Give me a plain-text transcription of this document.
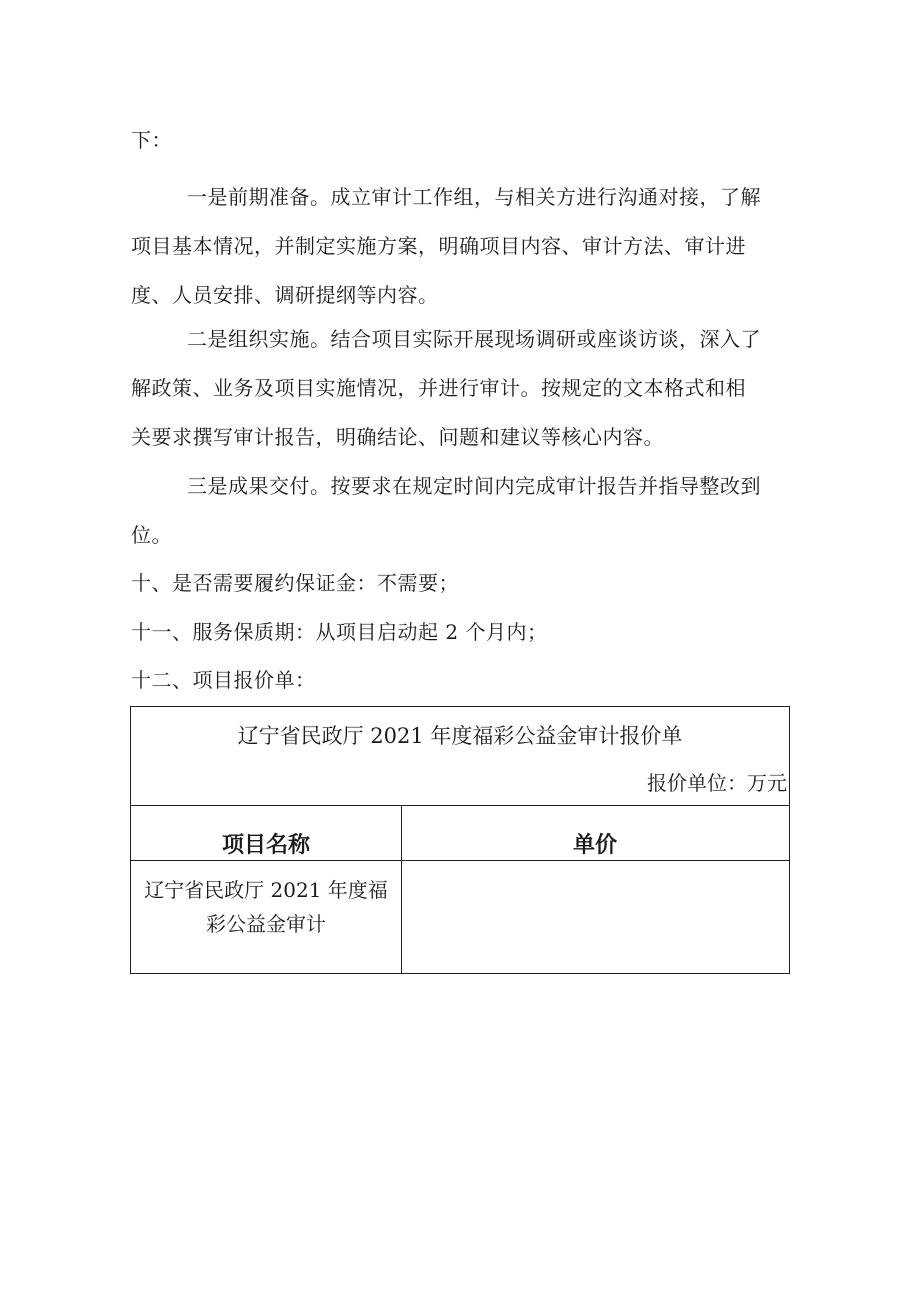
下：
一是前期准备。成立审计工作组，与相关方进行沟通对接，了解
项目基本情况，并制定实施方案，明确项目内容、审计方法、审计进
度、人员安排、调研提纲等内容。
二是组织实施。结合项目实际开展现场调研或座谈访谈，深入了
解政策、业务及项目实施情况，并进行审计。按规定的文本格式和相
关要求撰写审计报告，明确结论、问题和建议等核心内容。
三是成果交付。按要求在规定时间内完成审计报告并指导整改到
位。
十、是否需要履约保证金：不需要；
十一、服务保质期：从项目启动起 2 个月内；
十二、项目报价单：
辽宁省民政厅 2021 年度福彩公益金审计报价单
报价单位：万元
项目名称	单价
辽宁省民政厅 2021 年度福
彩公益金审计
